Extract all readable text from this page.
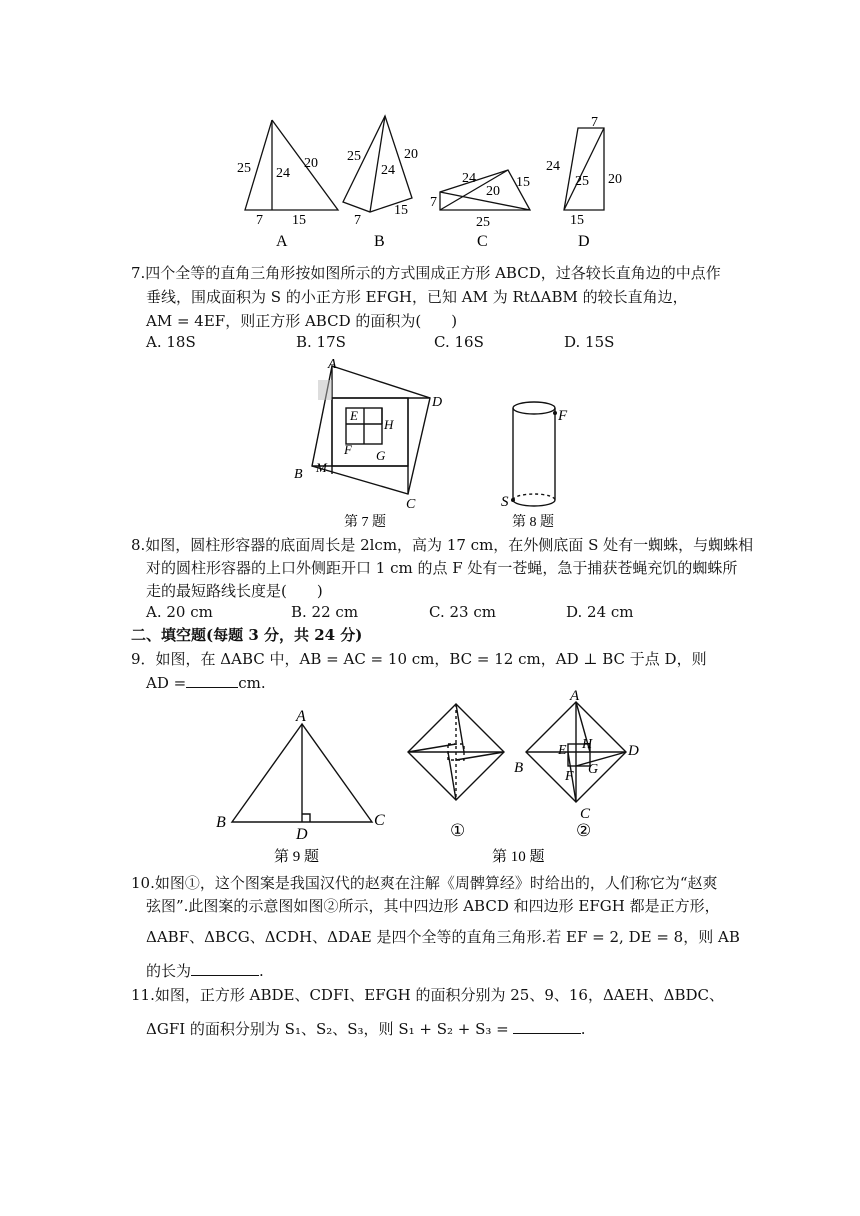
25 24
20
7 15
A
25
24
20
7
15
B
24
20
15
7
25
C
7
24
25 20
15
D
7.四个全等的直角三角形按如图所示的方式围成正方形 ABCD，过各较长直角边的中点作
垂线，围成面积为 S 的小正方形 EFGH，已知 AM 为 RtΔABM 的较长直角边，
AM = 4EF，则正方形 ABCD 的面积为(　　)
A. 18S	B. 17S	C. 16S	D. 15S
A
B
C
D
E
F G
H
M
第 7 题
F
S
第 8 题
8.如图，圆柱形容器的底面周长是 2lcm，高为 17 cm，在外侧底面 S 处有一蜘蛛，与蜘蛛相
对的圆柱形容器的上口外侧距开口 1 cm 的点 F 处有一苍蝇，急于捕获苍蝇充饥的蜘蛛所
走的最短路线长度是(　　)
A. 20 cm	B. 22 cm	C. 23 cm	D. 24 cm
二、填空题(每题 3 分，共 24 分)
9．如图，在 ΔABC 中，AB = AC = 10 cm，BC = 12 cm，AD ⊥ BC 于点 D，则
AD =	cm.
A
B	C
D
第 9 题
①
A
B
C
D
E
F G
H
②
第 10 题
10.如图①，这个图案是我国汉代的赵爽在注解《周髀算经》时给出的，人们称它为“赵爽
弦图”.此图案的示意图如图②所示，其中四边形 ABCD 和四边形 EFGH 都是正方形，
ΔABF、ΔBCG、ΔCDH、ΔDAE 是四个全等的直角三角形.若 EF = 2, DE = 8，则 AB
的长为	.
11.如图，正方形 ABDE、CDFI、EFGH 的面积分别为 25、9、16，ΔAEH、ΔBDC、
ΔGFI 的面积分别为 S₁、S₂、S₃，则 S₁ + S₂ + S₃ =	.
